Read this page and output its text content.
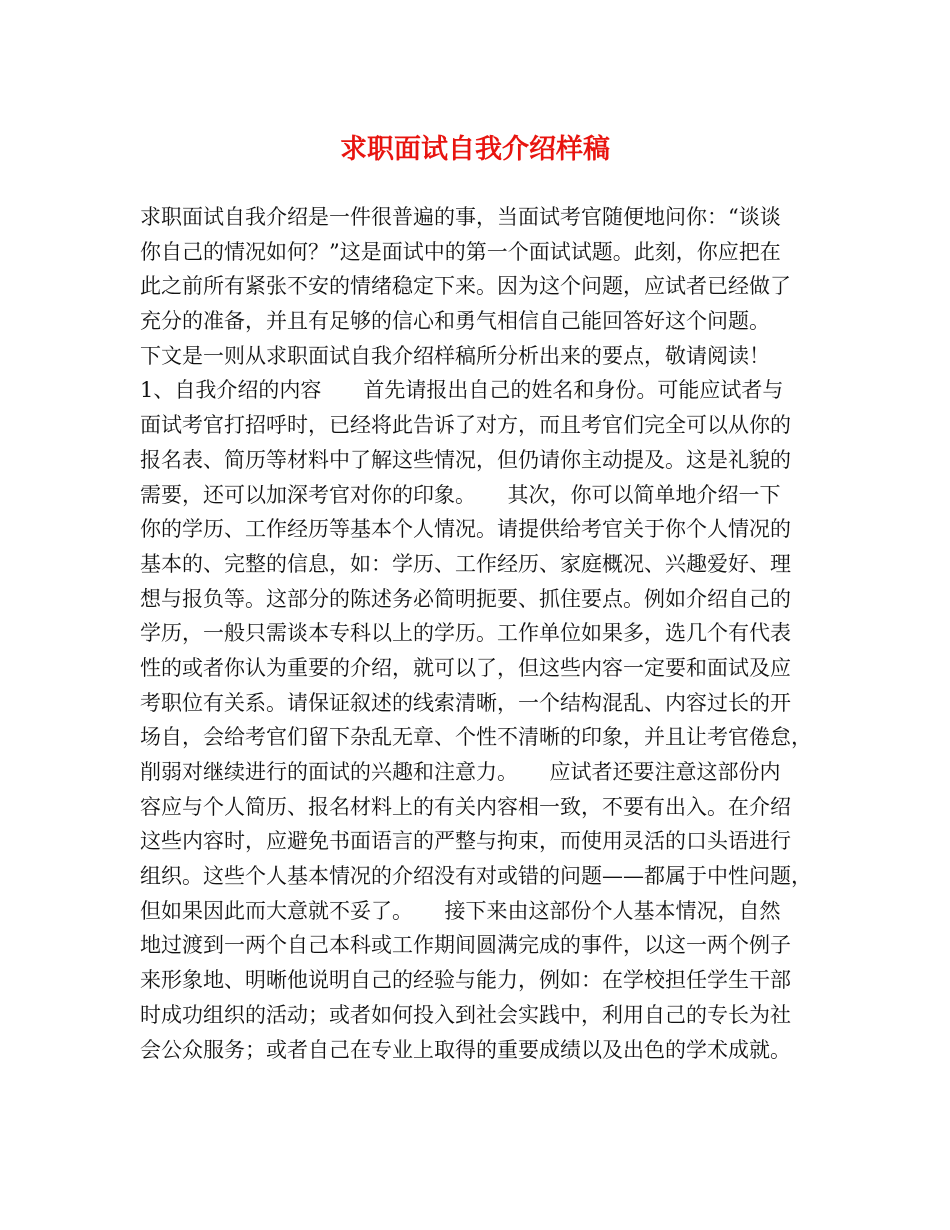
求职面试自我介绍样稿
求职面试自我介绍是一件很普遍的事，当面试考官随便地问你：“谈谈
你自己的情况如何？”这是面试中的第一个面试试题。此刻，你应把在
此之前所有紧张不安的情绪稳定下来。因为这个问题，应试者已经做了
充分的准备，并且有足够的信心和勇气相信自己能回答好这个问题。
下文是一则从求职面试自我介绍样稿所分析出来的要点，敬请阅读！
1、自我介绍的内容　　首先请报出自己的姓名和身份。可能应试者与
面试考官打招呼时，已经将此告诉了对方，而且考官们完全可以从你的
报名表、简历等材料中了解这些情况，但仍请你主动提及。这是礼貌的
需要，还可以加深考官对你的印象。　　其次，你可以简单地介绍一下
你的学历、工作经历等基本个人情况。请提供给考官关于你个人情况的
基本的、完整的信息，如：学历、工作经历、家庭概况、兴趣爱好、理
想与报负等。这部分的陈述务必简明扼要、抓住要点。例如介绍自己的
学历，一般只需谈本专科以上的学历。工作单位如果多，选几个有代表
性的或者你认为重要的介绍，就可以了，但这些内容一定要和面试及应
考职位有关系。请保证叙述的线索清晰，一个结构混乱、内容过长的开
场自，会给考官们留下杂乱无章、个性不清晰的印象，并且让考官倦怠，
削弱对继续进行的面试的兴趣和注意力。　　应试者还要注意这部份内
容应与个人简历、报名材料上的有关内容相一致，不要有出入。在介绍
这些内容时，应避免书面语言的严整与拘束，而使用灵活的口头语进行
组织。这些个人基本情况的介绍没有对或错的问题——都属于中性问题，
但如果因此而大意就不妥了。　　接下来由这部份个人基本情况，自然
地过渡到一两个自己本科或工作期间圆满完成的事件，以这一两个例子
来形象地、明晰他说明自己的经验与能力，例如：在学校担任学生干部
时成功组织的活动；或者如何投入到社会实践中，利用自己的专长为社
会公众服务；或者自己在专业上取得的重要成绩以及出色的学术成就。
